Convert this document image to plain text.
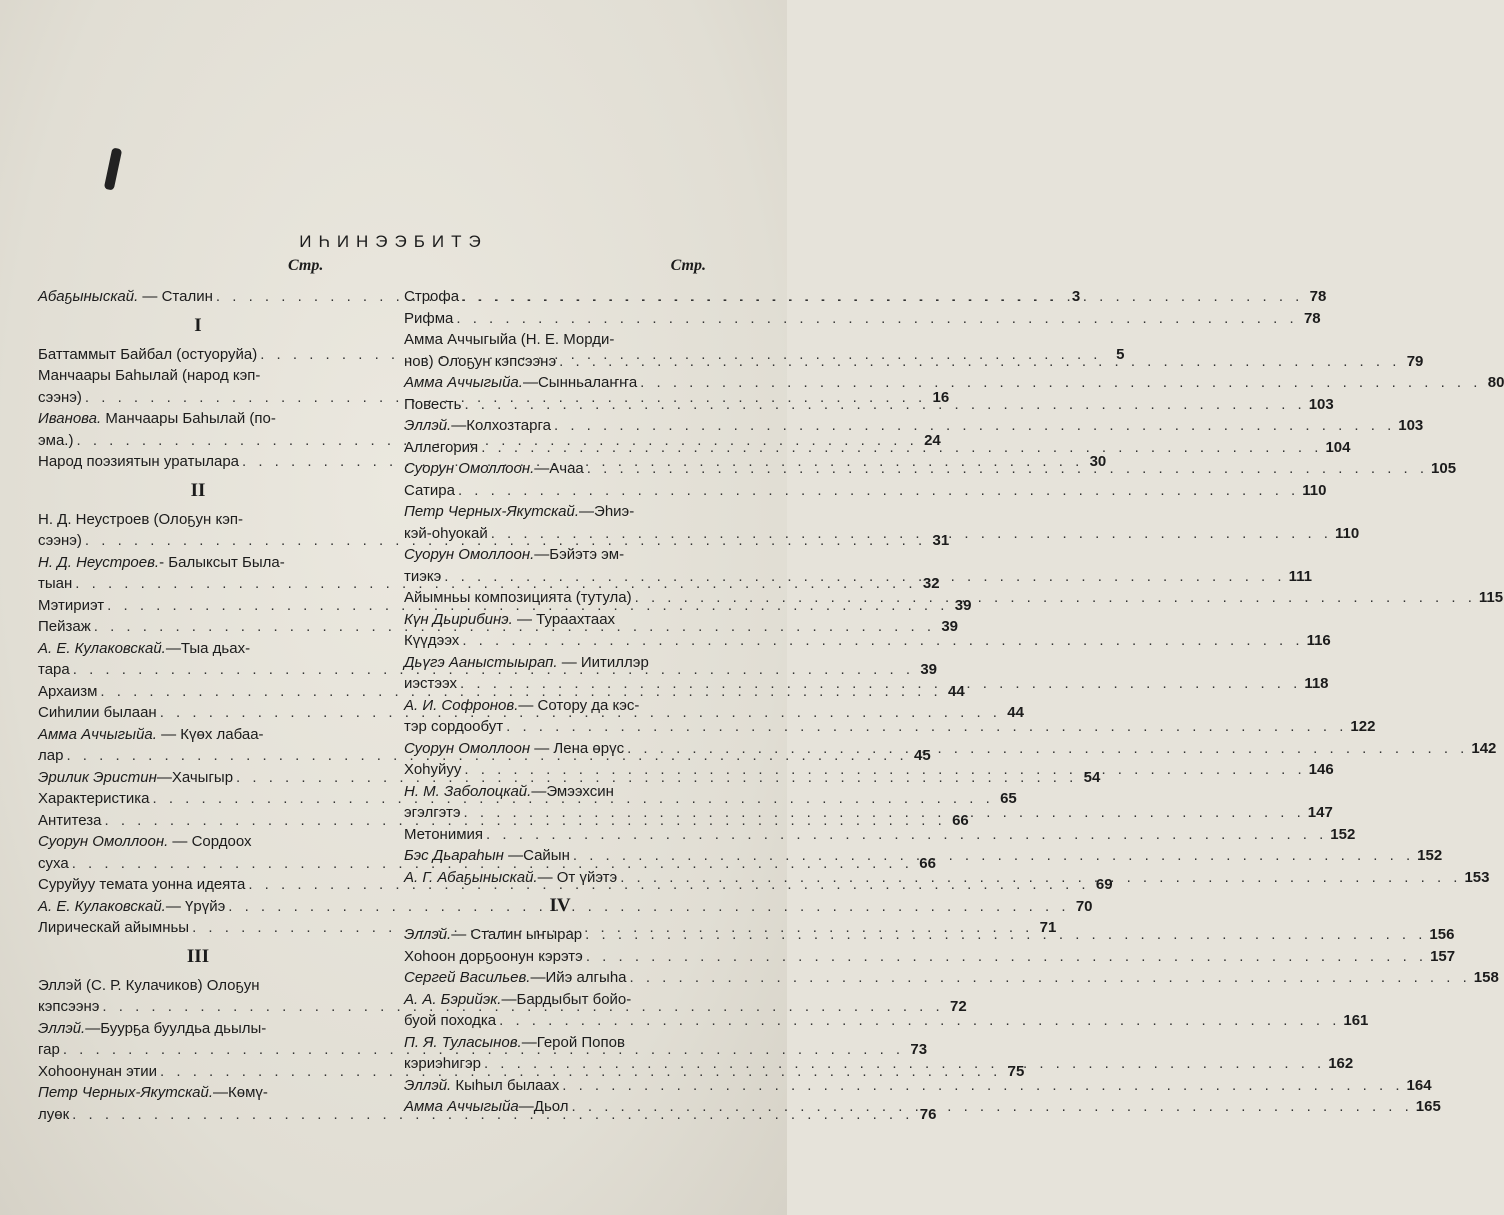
ИҺИНЭЭБИТЭ
Стр.
Абаҕыныскай. — Сталин . . .	3
I
Баттаммыт Байбал (остуоруйа) . . .	5
Манчаары Баһылай (народ кэп-
сээнэ) . . .	16
Иванова. Манчаары Баһылай (по-
эма.) . . .	24
Народ поэзиятын уратылара . . .	30
II
Н. Д. Неустроев (Олоҕун кэп-
сээнэ) . . .	31
Н. Д. Неустроев.- Балыксыт Была-
тыан . . .	32
Мэтириэт . . .	39
Пейзаж . . .	39
А. Е. Кулаковскай.—Тыа дьах-
тара . . .	39
Архаизм . . .	44
Сиһилии былаан . . .	44
Амма Аччыгыйа. — Күөх лабаа-
лар . . .	45
Эрилик Эристин—Хачыгыр . . .	54
Характеристика . . .	65
Антитеза . . .	66
Суорун Омоллоон. — Сордоох
суха . . .	66
Суруйуу темата уонна идеята . . .	69
А. Е. Кулаковскай.— Үрүйэ . . .	70
Лирическай айымньы . . .	71
III
Эллэй (С. Р. Кулачиков) Олоҕун
кэпсээнэ . . .	72
Эллэй.—Буурҕа буулдьа дьылы-
гар . . .	73
Хоһоонунан этии . . .	75
Петр Черных-Якутскай.—Көмү-
луөк . . .	76
Стр.
Строфа . . .	78
Рифма . . .	78
Амма Аччыгыйа (Н. Е. Морди-
нов) Олоҕун кэпсээнэ . . .	79
Амма Аччыгыйа.—Сынньалаҥҥа . . .	80
Повесть . . .	103
Эллэй.—Колхозтарга . . .	103
Аллегория . . .	104
Суорун Омоллоон.—Ачаа . . .	105
Сатира . . .	110
Петр Черных-Якутскай.—Эһиэ-
кэй-оһуокай . . .	110
Суорун Омоллоон.—Бэйэтэ эм-
тиэкэ . . .	111
Айымньы композицията (тутула) . . .	115
Күн Дьирибинэ. — Тураахтаах
Күүдээх . . .	116
Дьүгэ Ааныстыырап. — Иитиллэр
иэстээх . . .	118
А. И. Софронов.— Сотору да кэс-
тэр сордообут . . .	122
Суорун Омоллоон — Лена өрүс . . .	142
Хоһуйуу . . .	146
Н. М. Заболоцкай.—Эмээхсин
эгэлгэтэ . . .	147
Метонимия . . .	152
Бэс Дьараһын —Сайын . . .	152
А. Г. Абаҕыныскай.— От үйэтэ . . .	153
IV
Эллэй.— Сталин ыҥырар . . .	156
Хоһоон дорҕоонун кэрэтэ . . .	157
Сергей Васильев.—Ийэ алгыһа . . .	158
А. А. Бэрийэк.—Бардыбыт бойо-
буой походка . . .	161
П. Я. Туласынов.—Герой Попов
кэриэһигэр . . .	162
Эллэй. Кыһыл былаах . . .	164
Амма Аччыгыйа—Дьол . . .	165
